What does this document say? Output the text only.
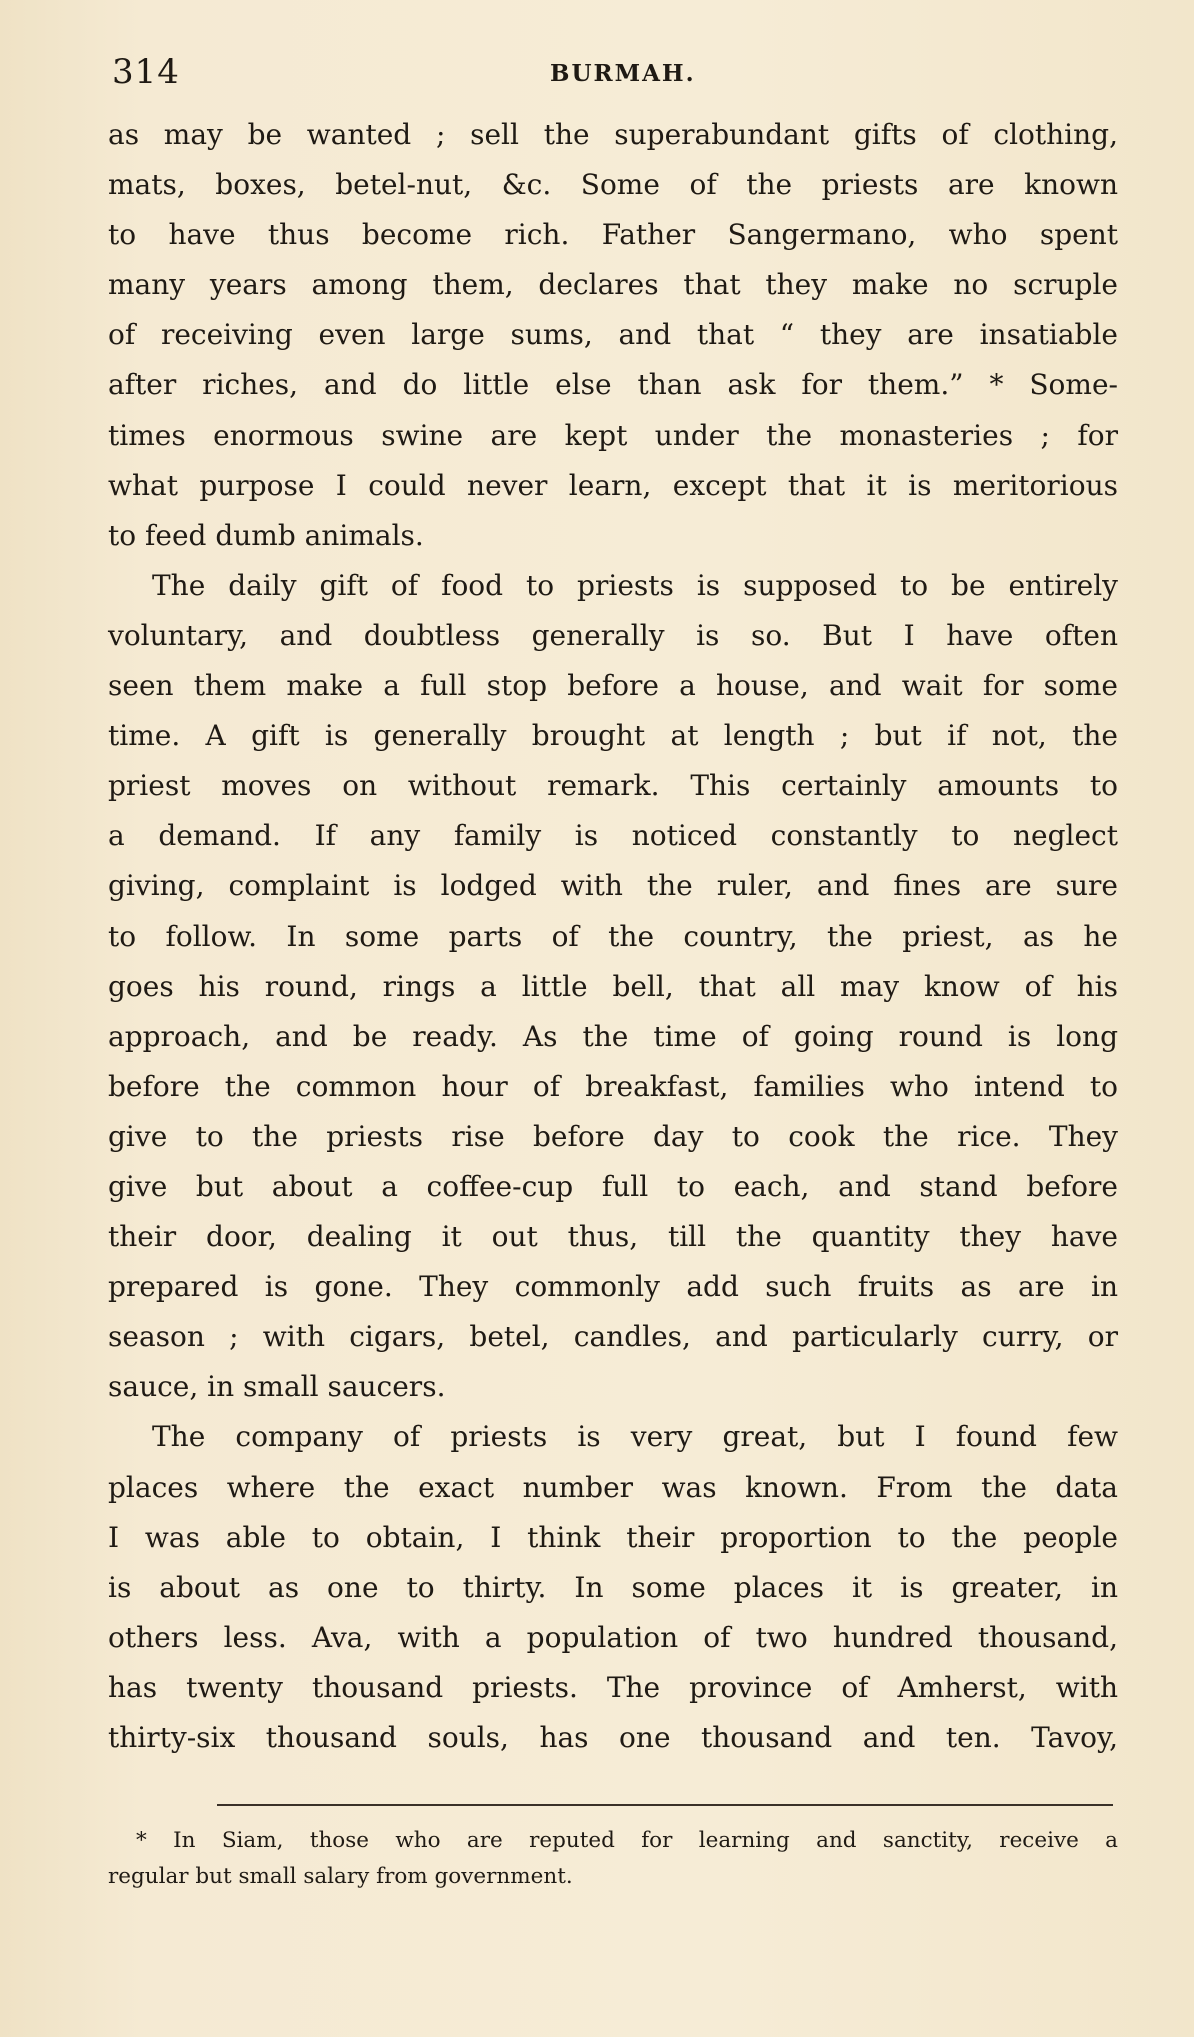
314	BURMAH.
as may be wanted ; sell the superabundant gifts of clothing,
mats, boxes, betel-nut, &c. Some of the priests are known
to have thus become rich. Father Sangermano, who spent
many years among them, declares that they make no scruple
of receiving even large sums, and that “ they are insatiable
after riches, and do little else than ask for them.” * Some-
times enormous swine are kept under the monasteries ; for
what purpose I could never learn, except that it is meritorious
to feed dumb animals.
The daily gift of food to priests is supposed to be entirely
voluntary, and doubtless generally is so. But I have often
seen them make a full stop before a house, and wait for some
time. A gift is generally brought at length ; but if not, the
priest moves on without remark. This certainly amounts to
a demand. If any family is noticed constantly to neglect
giving, complaint is lodged with the ruler, and fines are sure
to follow. In some parts of the country, the priest, as he
goes his round, rings a little bell, that all may know of his
approach, and be ready. As the time of going round is long
before the common hour of breakfast, families who intend to
give to the priests rise before day to cook the rice. They
give but about a coffee-cup full to each, and stand before
their door, dealing it out thus, till the quantity they have
prepared is gone. They commonly add such fruits as are in
season ; with cigars, betel, candles, and particularly curry, or
sauce, in small saucers.
The company of priests is very great, but I found few
places where the exact number was known. From the data
I was able to obtain, I think their proportion to the people
is about as one to thirty. In some places it is greater, in
others less. Ava, with a population of two hundred thousand,
has twenty thousand priests. The province of Amherst, with
thirty-six thousand souls, has one thousand and ten. Tavoy,
* In Siam, those who are reputed for learning and sanctity, receive a
regular but small salary from government.
